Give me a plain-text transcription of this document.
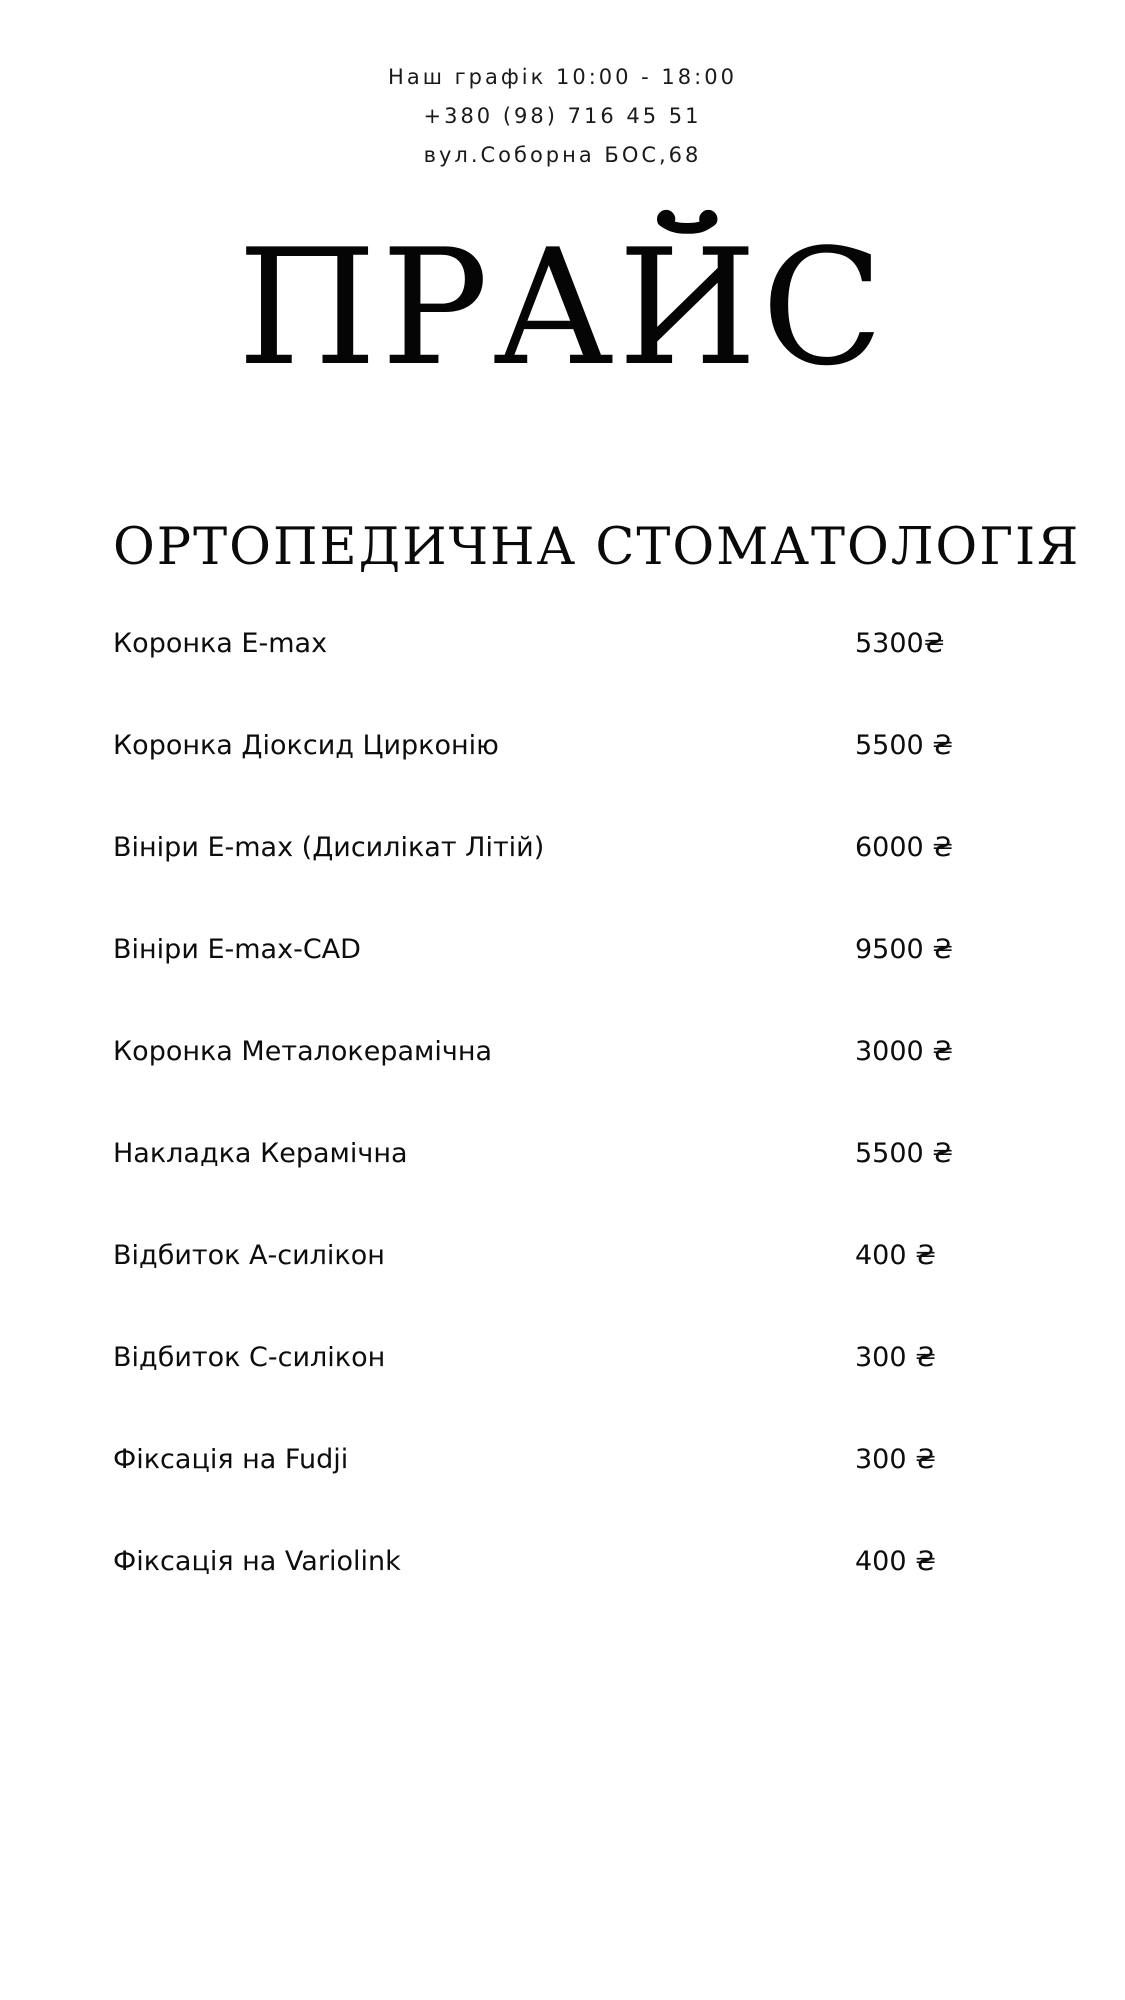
Наш графік 10:00 - 18:00
+380 (98) 716 45 51
вул.Соборна БОС,68
ПРАЙС
ОРТОПЕДИЧНА СТОМАТОЛОГІЯ
Коронка E-max	5300₴
Коронка Діоксид Цирконію	5500 ₴
Вініри E-max (Дисилікат Літій)	6000 ₴
Вініри E-max-CAD	9500 ₴
Коронка Металокерамічна	3000 ₴
Накладка Керамічна	5500 ₴
Відбиток А-силікон	400 ₴
Відбиток С-силікон	300 ₴
Фіксація на Fudji	300 ₴
Фіксація на Variolink	400 ₴
